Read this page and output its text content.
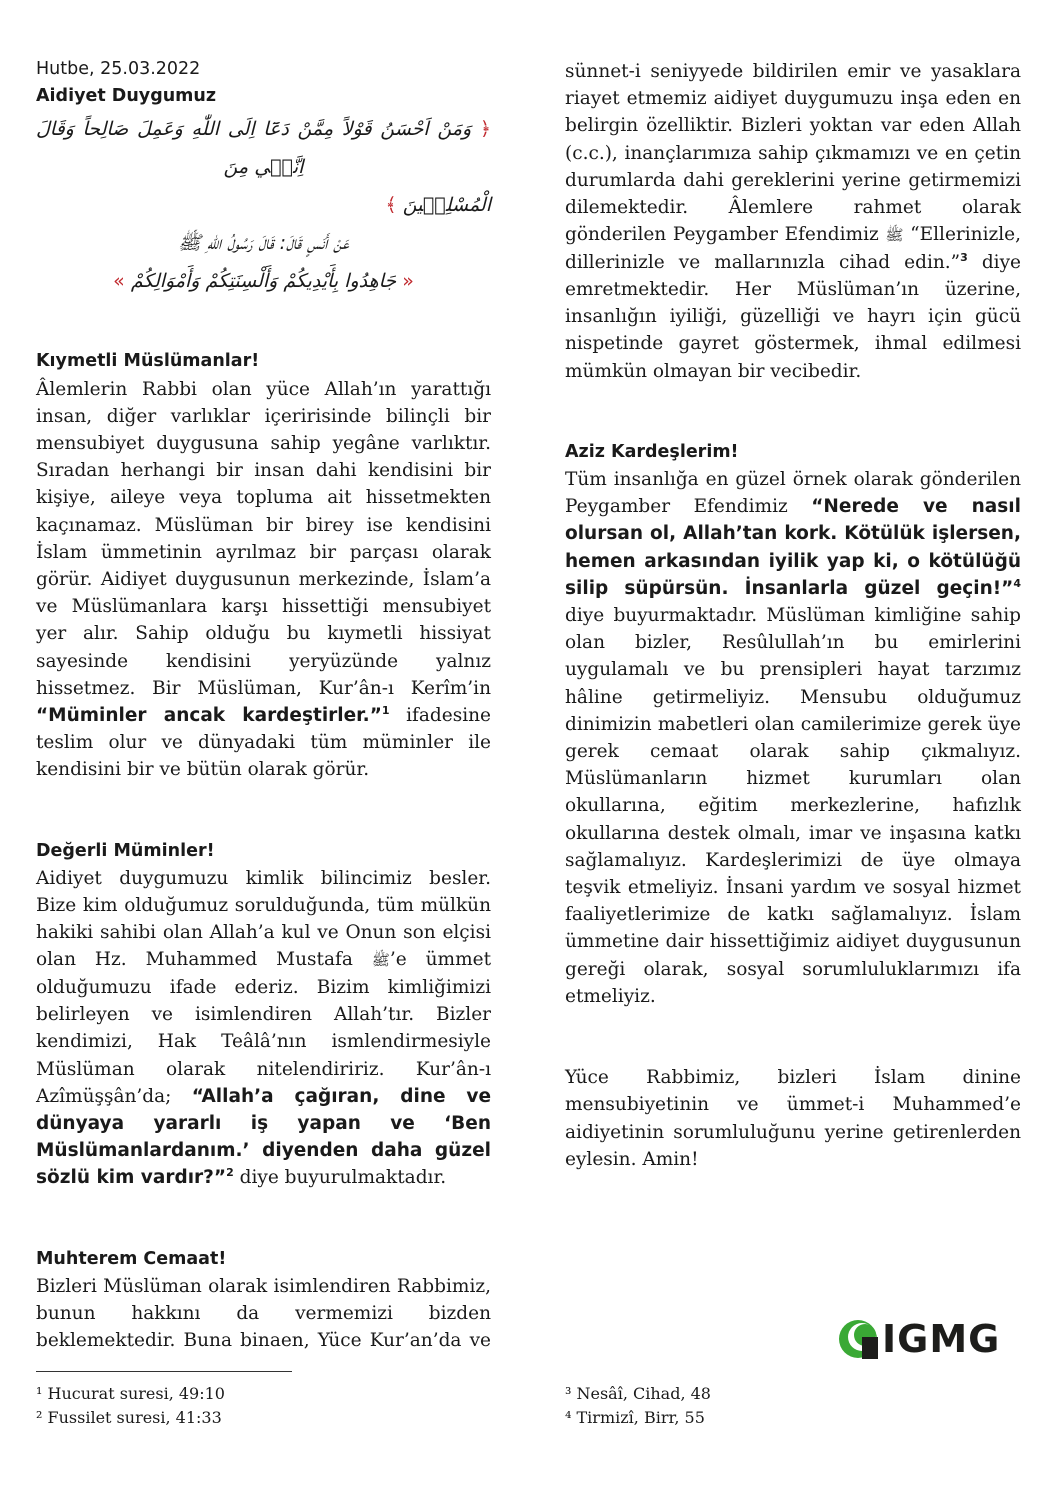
Hutbe, 25.03.2022

Aidiyet Duygumuz

﴿ وَمَنْ اَحْسَنُ قَوْلاً مِمَّنْ دَعَٓا اِلَى اللّٰهِ وَعَمِلَ صَالِحاً وَقَالَ اِنَّن۪ي مِنَ

الْمُسْلِم۪ينَ ﴾

عَنْ أَنَسٍ قَالَ: قَالَ رَسُولُ اللّٰهِ ﷺ

« جَاهِدُوا بِأَيْدِيكُمْ وَأَلْسِنَتِكُمْ وَأَمْوَالِكُمْ »

Kıymetli Müslümanlar!

Âlemlerin Rabbi olan yüce Allah’ın yarattığı insan, diğer varlıklar içeririsinde bilinçli bir mensubiyet duygusuna sahip yegâne varlıktır. Sıradan herhangi bir insan dahi kendisini bir kişiye, aileye veya topluma ait hissetmekten kaçınamaz. Müslüman bir birey ise kendisini İslam ümmetinin ayrılmaz bir parçası olarak görür. Aidiyet duygusunun merkezinde, İslam’a ve Müslümanlara karşı hissettiği mensubiyet yer alır. Sahip olduğu bu kıymetli hissiyat sayesinde kendisini yeryüzünde yalnız hissetmez. Bir Müslüman, Kur’ân-ı Kerîm’in “Müminler ancak kardeştirler.”$^1$ ifadesine teslim olur ve dünyadaki tüm müminler ile kendisini bir ve bütün olarak görür.

Değerli Müminler!

Aidiyet duygumuzu kimlik bilincimiz besler. Bize kim olduğumuz sorulduğunda, tüm mülkün hakiki sahibi olan Allah’a kul ve Onun son elçisi olan Hz. Muhammed Mustafa ﷺ’e ümmet olduğumuzu ifade ederiz. Bizim kimliğimizi belirleyen ve isimlendiren Allah’tır. Bizler kendimizi, Hak Teâlâ’nın ismlendirmesiyle Müslüman olarak nitelendiririz. Kur’ân-ı Azîmüşşân’da; “Allah’a çağıran, dine ve dünyaya yararlı iş yapan ve ‘Ben Müslümanlardanım.’ diyenden daha güzel sözlü kim vardır?”$^2$ diye buyurulmaktadır.

Muhterem Cemaat!

Bizleri Müslüman olarak isimlendiren Rabbimiz, bunun hakkını da vermemizi bizden beklemektedir. Buna binaen, Yüce Kur’an’da ve

sünnet-i seniyyede bildirilen emir ve yasaklara riayet etmemiz aidiyet duygumuzu inşa eden en belirgin özelliktir. Bizleri yoktan var eden Allah (c.c.), inançlarımıza sahip çıkmamızı ve en çetin durumlarda dahi gereklerini yerine getirmemizi dilemektedir. Âlemlere rahmet olarak gönderilen Peygamber Efendimiz ﷺ “Ellerinizle, dillerinizle ve mallarınızla cihad edin.”$^3$ diye emretmektedir. Her Müslüman’ın üzerine, insanlığın iyiliği, güzelliği ve hayrı için gücü nispetinde gayret göstermek, ihmal edilmesi mümkün olmayan bir vecibedir.

Aziz Kardeşlerim!

Tüm insanlığa en güzel örnek olarak gönderilen Peygamber Efendimiz “Nerede ve nasıl olursan ol, Allah’tan kork. Kötülük işlersen, hemen arkasından iyilik yap ki, o kötülüğü silip süpürsün. İnsanlarla güzel geçin!”$^4$ diye buyurmaktadır. Müslüman kimliğine sahip olan bizler, Resûlullah’ın bu emirlerini uygulamalı ve bu prensipleri hayat tarzımız hâline getirmeliyiz. Mensubu olduğumuz dinimizin mabetleri olan camilerimize gerek üye gerek cemaat olarak sahip çıkmalıyız. Müslümanların hizmet kurumları olan okullarına, eğitim merkezlerine, hafızlık okullarına destek olmalı, imar ve inşasına katkı sağlamalıyız. Kardeşlerimizi de üye olmaya teşvik etmeliyiz. İnsani yardım ve sosyal hizmet faaliyetlerimize de katkı sağlamalıyız. İslam ümmetine dair hissettiğimiz aidiyet duygusunun gereği olarak, sosyal sorumluluklarımızı ifa etmeliyiz.

Yüce Rabbimiz, bizleri İslam dinine mensubiyetinin ve ümmet-i Muhammed’e aidiyetinin sorumluluğunu yerine getirenlerden eylesin. Amin!

IGMG
¹ Hucurat suresi, 49:10
² Fussilet suresi, 41:33
³ Nesâî, Cihad, 48
⁴ Tirmizî, Birr, 55
